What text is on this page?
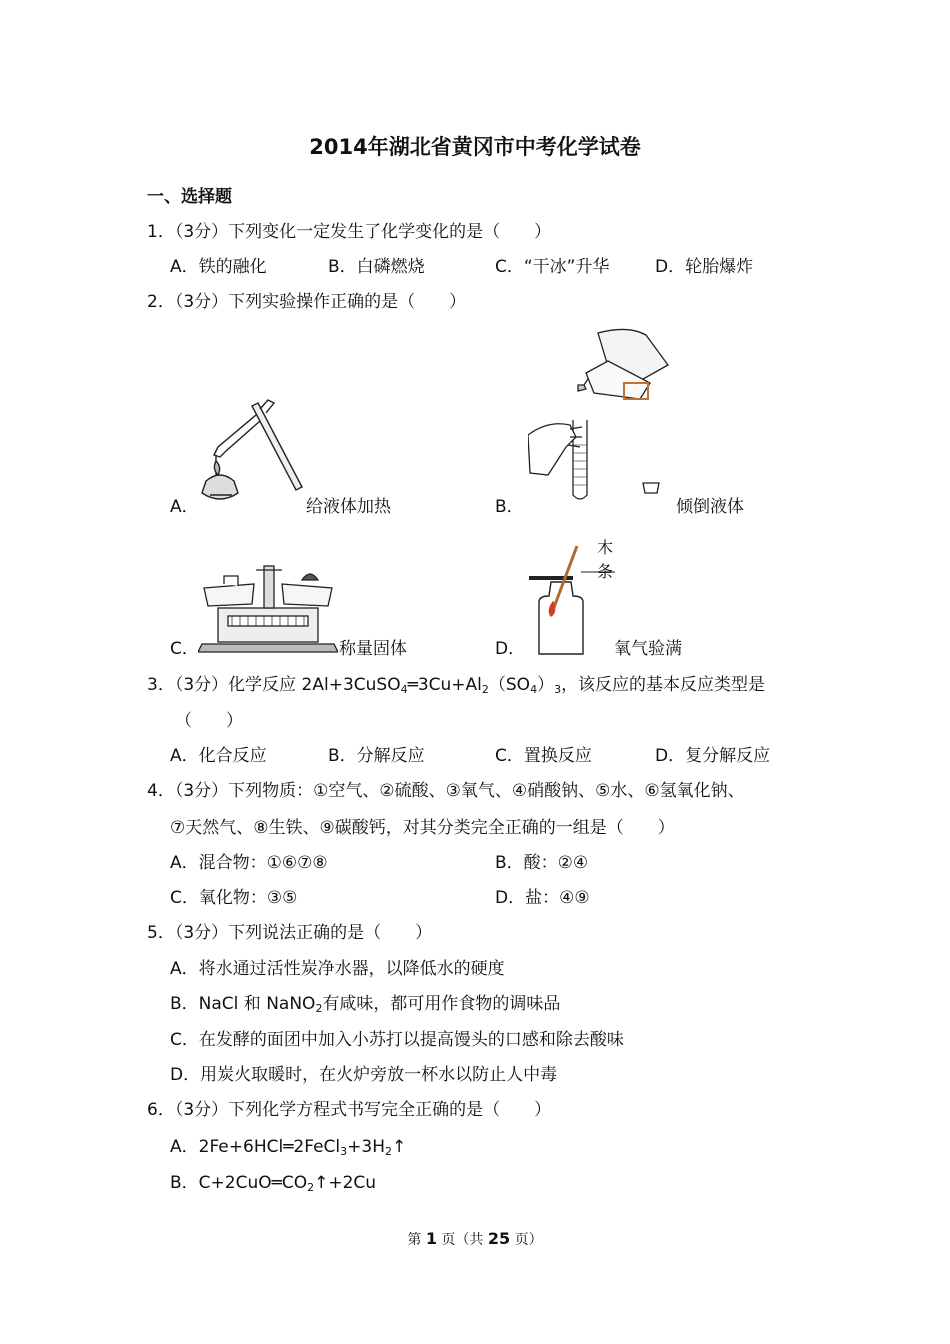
2014年湖北省黄冈市中考化学试卷
一、选择题
1．（3分）下列变化一定发生了化学变化的是（　　）
A．铁的融化	B．白磷燃烧	C．“干冰”升华	D．轮胎爆炸
2．（3分）下列实验操作正确的是（　　）
A．	给液体加热	B．	倾倒液体
C．	称量固体
木
条
D．	氧气验满
3．（3分）化学反应 $2Al+3CuSO_4═3Cu+Al_2(SO_4)_3$，该反应的基本反应类型是
（　　）
A．化合反应	B．分解反应	C．置换反应	D．复分解反应
4．（3分）下列物质：①空气、②硫酸、③氧气、④硝酸钠、⑤水、⑥氢氧化钠、
⑦天然气、⑧生铁、⑨碳酸钙，对其分类完全正确的一组是（　　）
A．混合物：①⑥⑦⑧	B．酸：②④
C．氧化物：③⑤	D．盐：④⑨
5．（3分）下列说法正确的是（　　）
A．将水通过活性炭净水器，以降低水的硬度
B．NaCl 和 NaNO$_2$有咸味，都可用作食物的调味品
C．在发酵的面团中加入小苏打以提高馒头的口感和除去酸味
D．用炭火取暖时，在火炉旁放一杯水以防止人中毒
6．（3分）下列化学方程式书写完全正确的是（　　）
A．$2Fe+6HCl═2FeCl_3+3H_2↑$
B．$C+2CuO═CO_2↑+2Cu$
第 1 页（共 25 页）
